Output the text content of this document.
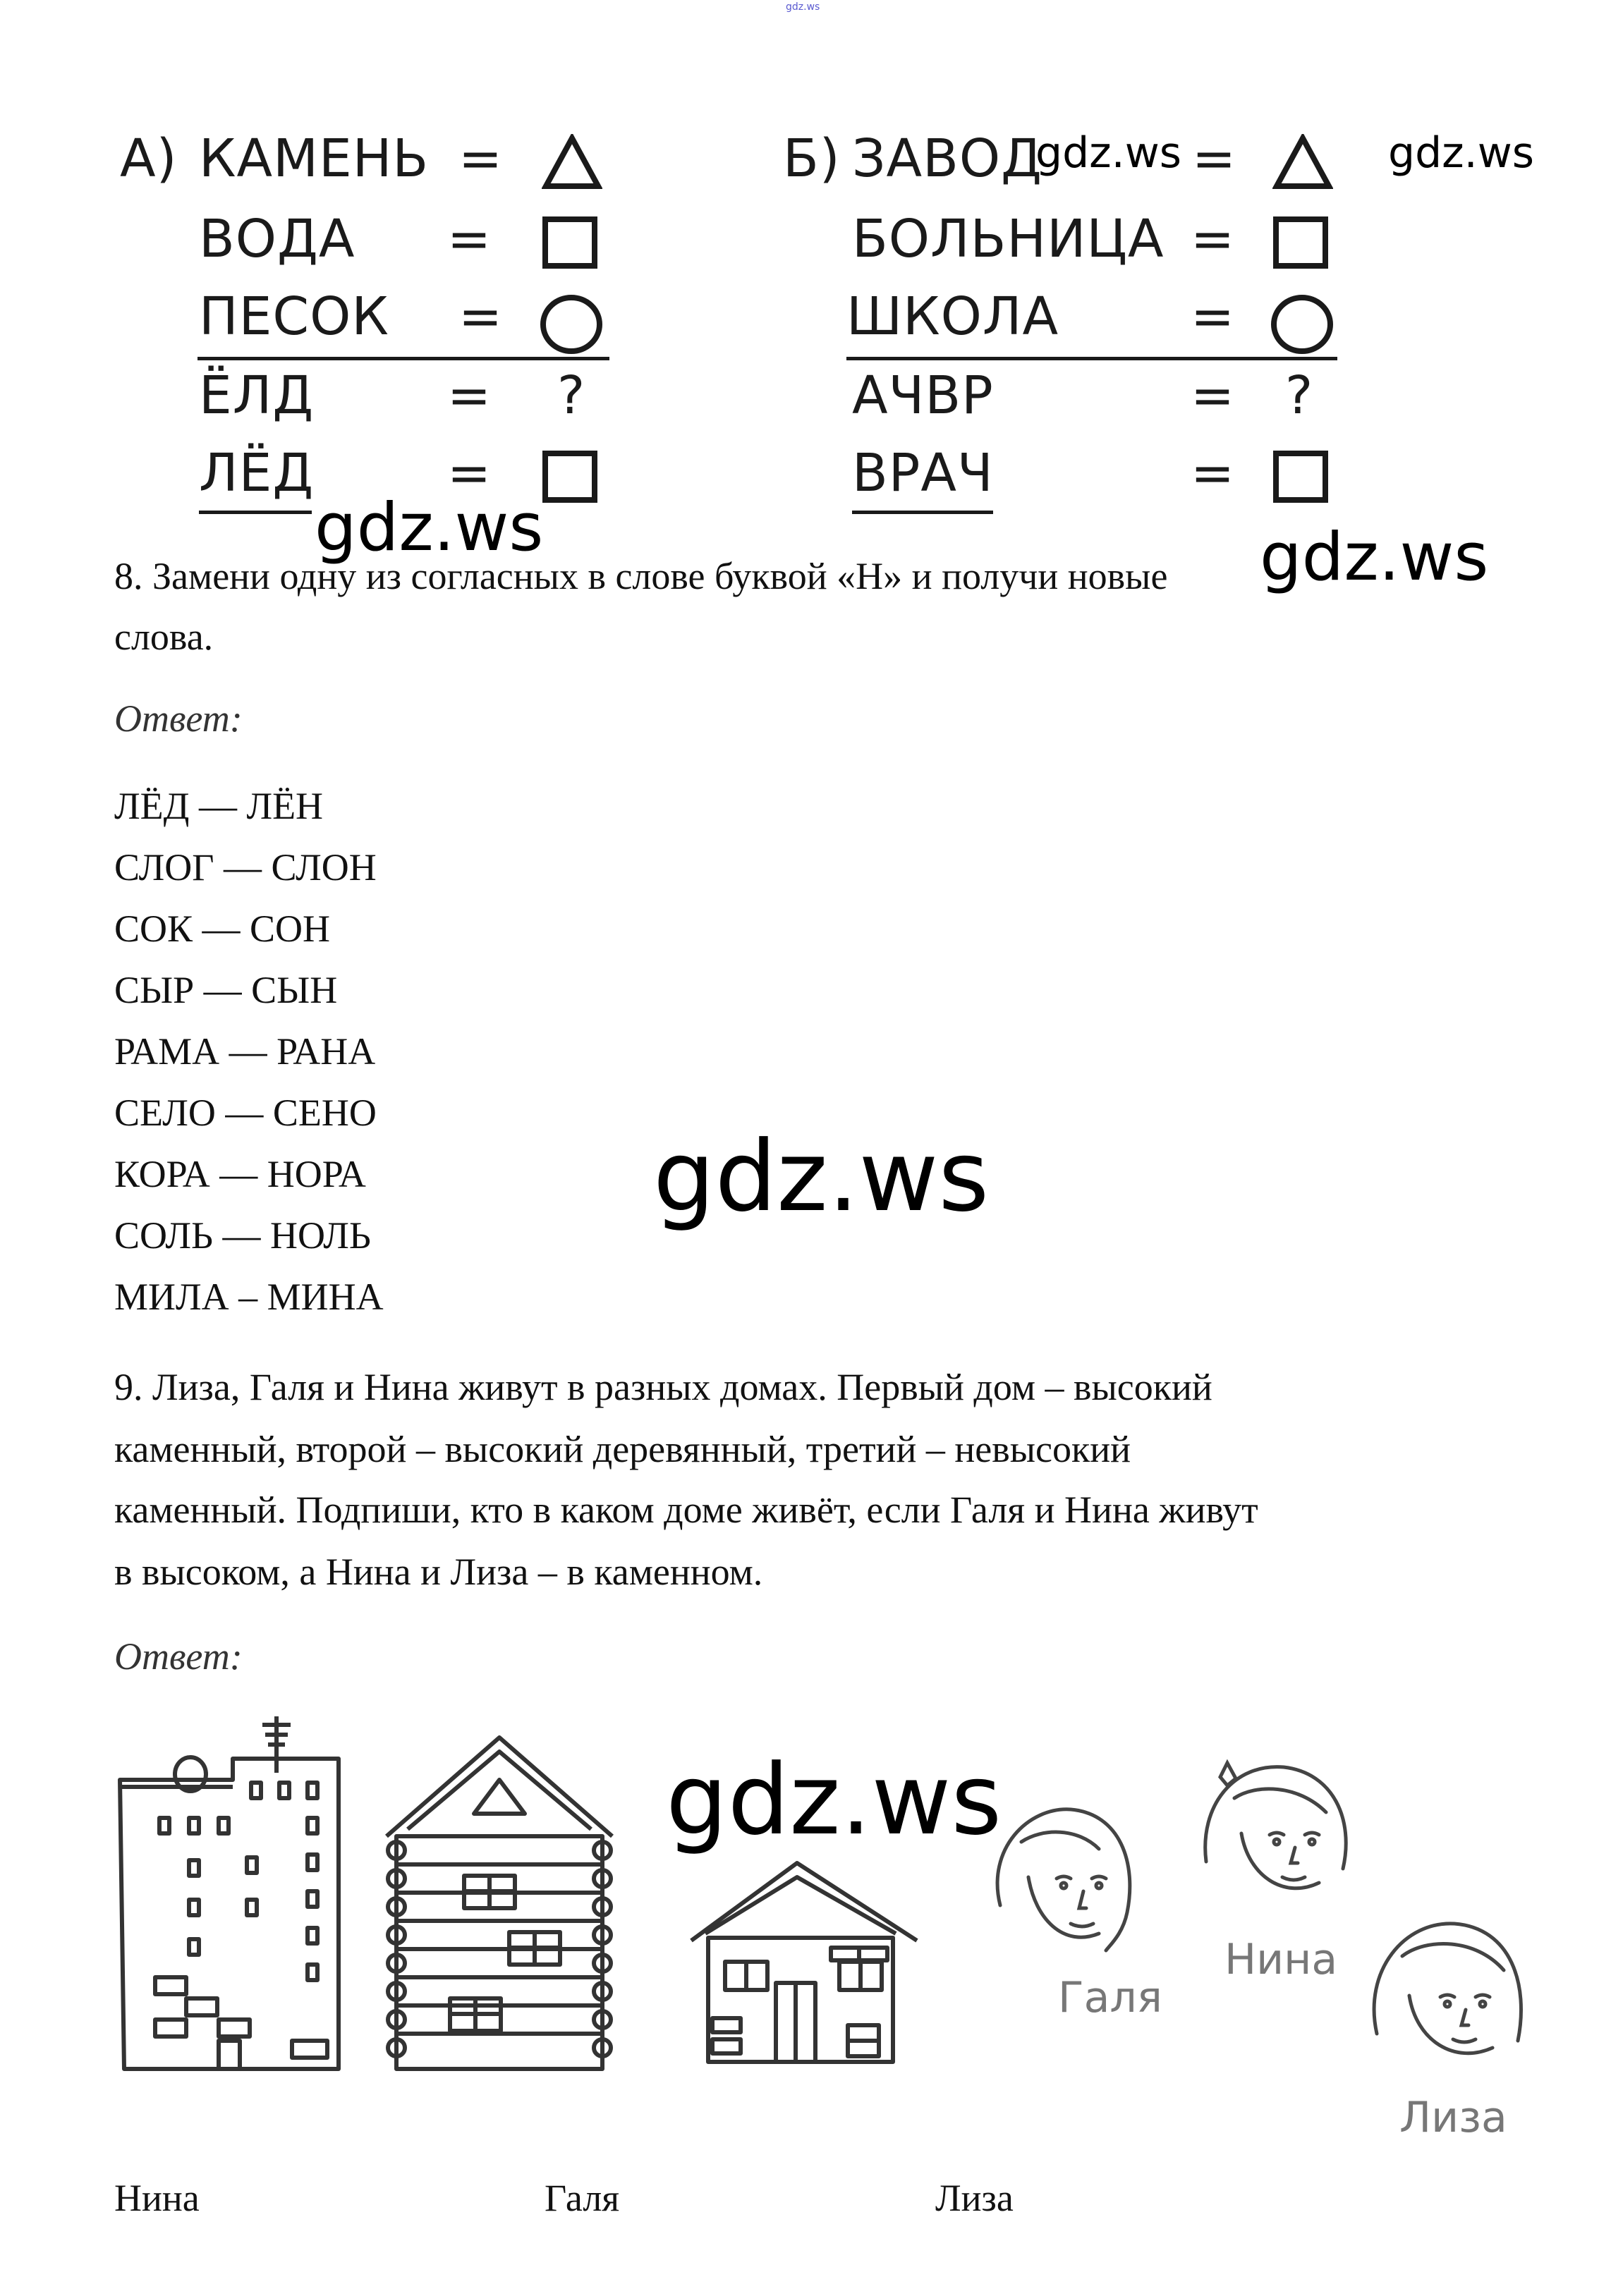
gdz.ws
А) КАМЕНЬ =
ВОДА =
ПЕСОК =
ЁЛД	= ?
ЛЁД	=
Б) ЗАВОД	=
БОЛЬНИЦА =
ШКОЛА	=
АЧВР	= ?
ВРАЧ	=
gdz.ws	gdz.ws
gdz.ws	gdz.ws
gdz.ws
gdz.ws
8. Замени одну из согласных в слове буквой «Н» и получи новые
слова.
Ответ:
ЛЁД — ЛЁН
СЛОГ — СЛОН
СОК — СОН
СЫР — СЫН
РАМА — РАНА
СЕЛО — СЕНО
КОРА — НОРА
СОЛЬ — НОЛЬ
МИЛА – МИНА
9. Лиза, Галя и Нина живут в разных домах. Первый дом – высокий
каменный, второй – высокий деревянный, третий – невысокий
каменный. Подпиши, кто в каком доме живёт, если Галя и Нина живут
в высоком, а Нина и Лиза – в каменном.
Ответ:
Галя
Нина
Лиза
Нина	Галя	Лиза
